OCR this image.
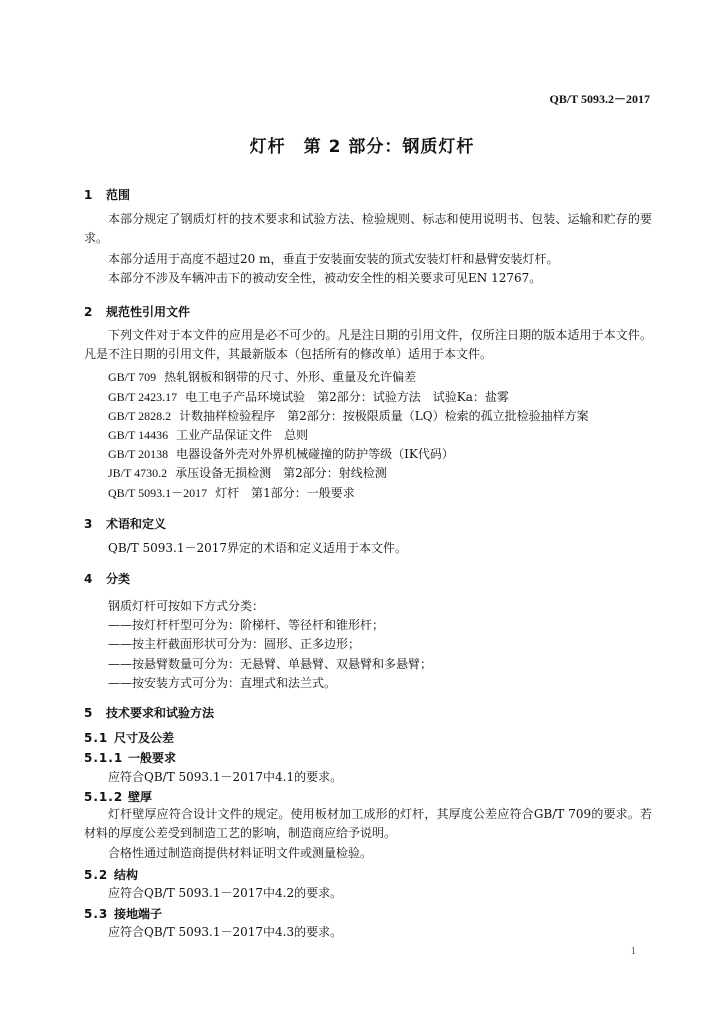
QB/T 5093.2－2017
灯杆　第 2 部分：钢质灯杆
1 范围
本部分规定了钢质灯杆的技术要求和试验方法、检验规则、标志和使用说明书、包装、运输和贮存的要求。
本部分适用于高度不超过20 m，垂直于安装面安装的顶式安装灯杆和悬臂安装灯杆。
本部分不涉及车辆冲击下的被动安全性，被动安全性的相关要求可见EN 12767。
2 规范性引用文件
下列文件对于本文件的应用是必不可少的。凡是注日期的引用文件，仅所注日期的版本适用于本文件。凡是不注日期的引用文件，其最新版本（包括所有的修改单）适用于本文件。
GB/T 709 热轧钢板和钢带的尺寸、外形、重量及允许偏差
GB/T 2423.17 电工电子产品环境试验　第2部分：试验方法　试验Ka：盐雾
GB/T 2828.2 计数抽样检验程序　第2部分：按极限质量（LQ）检索的孤立批检验抽样方案
GB/T 14436 工业产品保证文件　总则
GB/T 20138 电器设备外壳对外界机械碰撞的防护等级（IK代码）
JB/T 4730.2 承压设备无损检测　第2部分：射线检测
QB/T 5093.1－2017 灯杆　第1部分：一般要求
3 术语和定义
QB/T 5093.1－2017界定的术语和定义适用于本文件。
4 分类
钢质灯杆可按如下方式分类：
——按灯杆杆型可分为：阶梯杆、等径杆和锥形杆；
——按主杆截面形状可分为：圆形、正多边形；
——按悬臂数量可分为：无悬臂、单悬臂、双悬臂和多悬臂；
——按安装方式可分为：直埋式和法兰式。
5 技术要求和试验方法
5.1 尺寸及公差
5.1.1 一般要求
应符合QB/T 5093.1－2017中4.1的要求。
5.1.2 壁厚
灯杆壁厚应符合设计文件的规定。使用板材加工成形的灯杆，其厚度公差应符合GB/T 709的要求。若材料的厚度公差受到制造工艺的影响，制造商应给予说明。
合格性通过制造商提供材料证明文件或测量检验。
5.2 结构
应符合QB/T 5093.1－2017中4.2的要求。
5.3 接地端子
应符合QB/T 5093.1－2017中4.3的要求。
1
